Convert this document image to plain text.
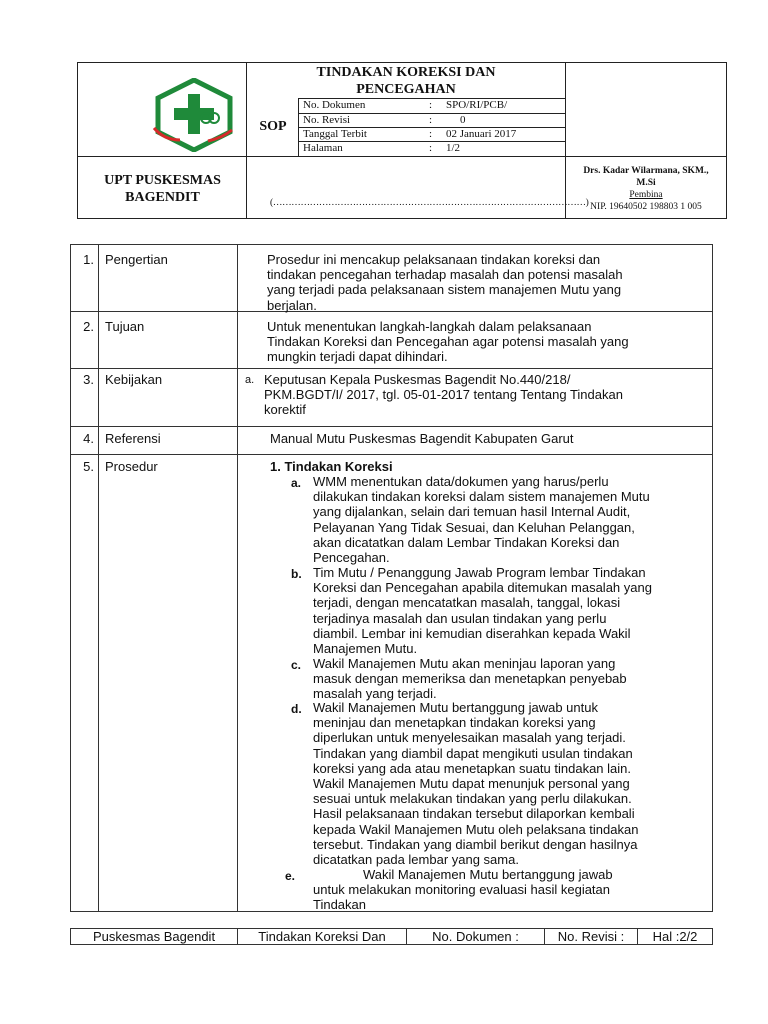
TINDAKAN KOREKSI DAN
PENCEGAHAN
SOP
No. Dokumen	: SPO/RI/PCB/
No. Revisi	:	0
Tanggal Terbit	: 02 Januari 2017
Halaman	: 1/2
UPT PUSKESMAS
BAGENDIT	(…………………………………………………………………………………………)
Drs. Kadar Wilarmana, SKM.,
M.Si
Pembina
NIP. 19640502 198803 1 005
1. Pengertian	Prosedur ini mencakup pelaksanaan tindakan koreksi dan
tindakan pencegahan terhadap masalah dan potensi masalah
yang terjadi pada pelaksanaan sistem manajemen Mutu yang
berjalan.
2. Tujuan	Untuk menentukan langkah-langkah dalam pelaksanaan
Tindakan Koreksi dan Pencegahan agar potensi masalah yang
mungkin terjadi dapat dihindari.
3. Kebijakan	a. Keputusan Kepala Puskesmas Bagendit No.440/218/
PKM.BGDT/I/ 2017, tgl. 05-01-2017 tentang Tentang Tindakan
korektif
4. Referensi	Manual Mutu Puskesmas Bagendit Kabupaten Garut
5. Prosedur	1. Tindakan Koreksi
a. WMM menentukan data/dokumen yang harus/perlu
dilakukan tindakan koreksi dalam sistem manajemen Mutu
yang dijalankan, selain dari temuan hasil Internal Audit,
Pelayanan Yang Tidak Sesuai, dan Keluhan Pelanggan,
akan dicatatkan dalam Lembar Tindakan Koreksi dan
Pencegahan.
b. Tim Mutu / Penanggung Jawab Program lembar Tindakan
Koreksi dan Pencegahan apabila ditemukan masalah yang
terjadi, dengan mencatatkan masalah, tanggal, lokasi
terjadinya masalah dan usulan tindakan yang perlu
diambil. Lembar ini kemudian diserahkan kepada Wakil
Manajemen Mutu.
c. Wakil Manajemen Mutu akan meninjau laporan yang
masuk dengan memeriksa dan menetapkan penyebab
masalah yang terjadi.
d. Wakil Manajemen Mutu bertanggung jawab untuk
meninjau dan menetapkan tindakan koreksi yang
diperlukan untuk menyelesaikan masalah yang terjadi.
Tindakan yang diambil dapat mengikuti usulan tindakan
koreksi yang ada atau menetapkan suatu tindakan lain.
Wakil Manajemen Mutu dapat menunjuk personal yang
sesuai untuk melakukan tindakan yang perlu dilakukan.
Hasil pelaksanaan tindakan tersebut dilaporkan kembali
kepada Wakil Manajemen Mutu oleh pelaksana tindakan
tersebut. Tindakan yang diambil berikut dengan hasilnya
dicatatkan pada lembar yang sama.
e.	Wakil Manajemen Mutu bertanggung jawab
untuk melakukan monitoring evaluasi hasil kegiatan
Tindakan
Puskesmas Bagendit	Tindakan Koreksi Dan	No. Dokumen :	No. Revisi :	Hal :2/2
